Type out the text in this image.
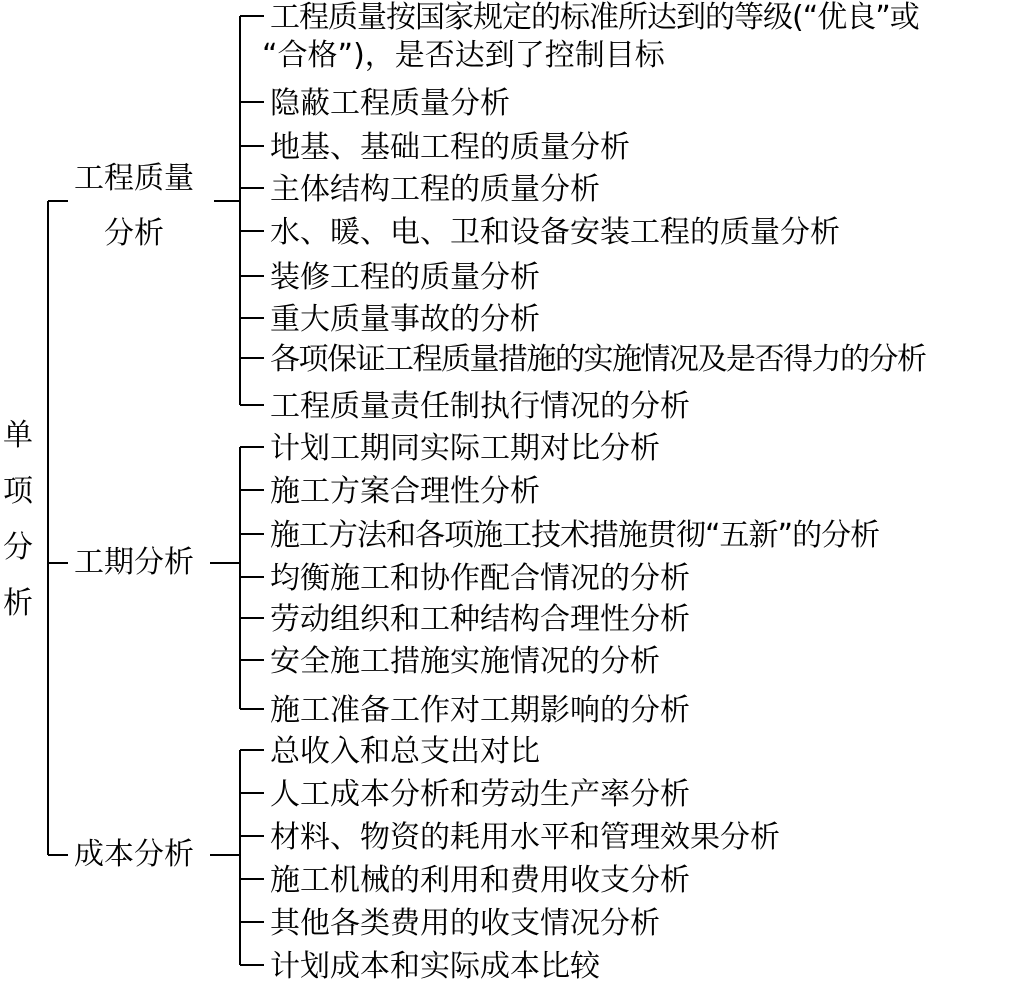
单
项
分
析
工程质量
分析
工期分析
成本分析
工程质量按国家规定的标准所达到的等级(“优良”或
“合格”)，是否达到了控制目标
隐蔽工程质量分析
地基、基础工程的质量分析
主体结构工程的质量分析
水、暖、电、卫和设备安装工程的质量分析
装修工程的质量分析
重大质量事故的分析
各项保证工程质量措施的实施情况及是否得力的分析
工程质量责任制执行情况的分析
计划工期同实际工期对比分析
施工方案合理性分析
施工方法和各项施工技术措施贯彻“五新”的分析
均衡施工和协作配合情况的分析
劳动组织和工种结构合理性分析
安全施工措施实施情况的分析
施工准备工作对工期影响的分析
总收入和总支出对比
人工成本分析和劳动生产率分析
材料、物资的耗用水平和管理效果分析
施工机械的利用和费用收支分析
其他各类费用的收支情况分析
计划成本和实际成本比较
